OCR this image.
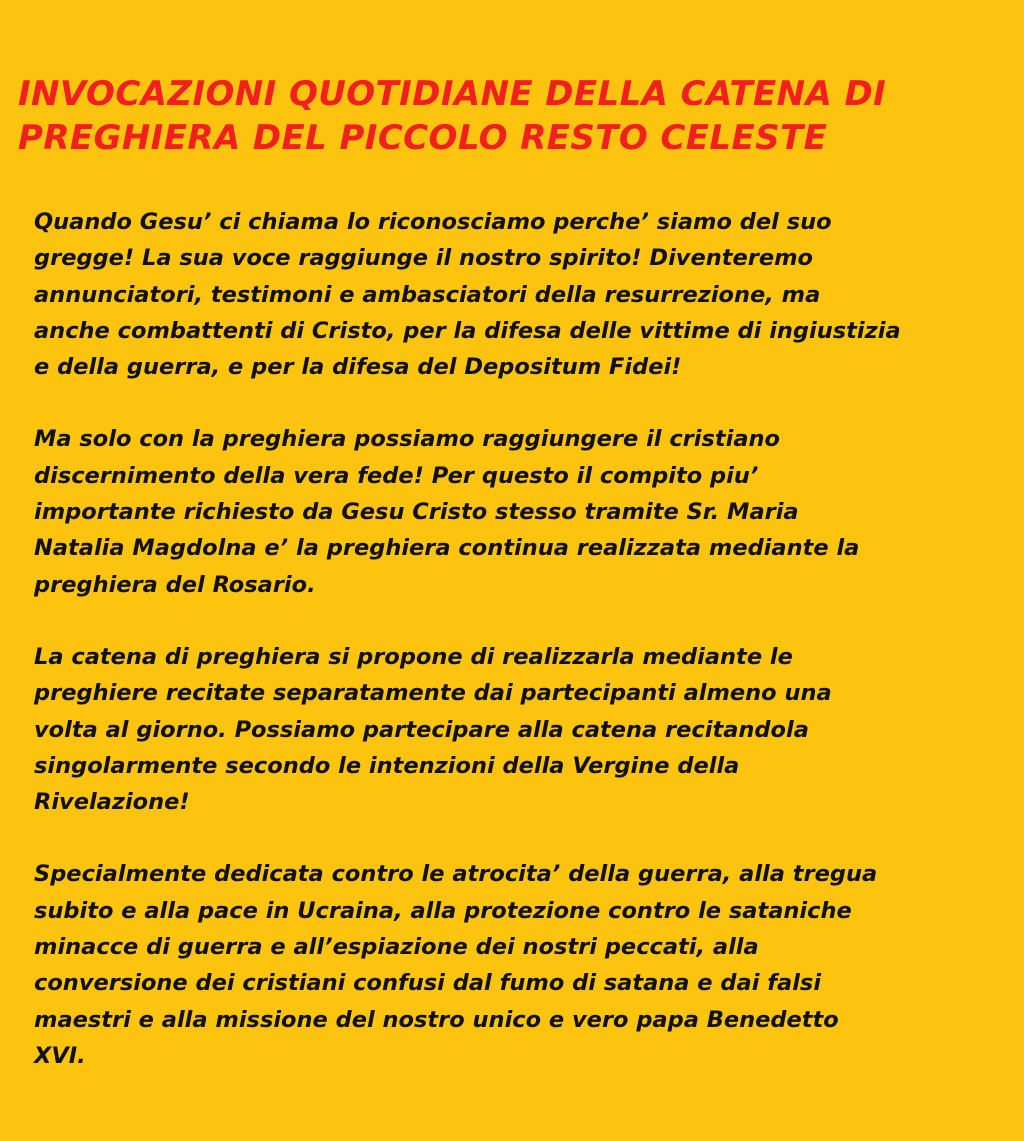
INVOCAZIONI QUOTIDIANE DELLA CATENA DI
PREGHIERA DEL PICCOLO RESTO CELESTE

Quando Gesu’ ci chiama lo riconosciamo perche’ siamo del suo
gregge! La sua voce raggiunge il nostro spirito! Diventeremo
annunciatori, testimoni e ambasciatori della resurrezione, ma
anche combattenti di Cristo, per la difesa delle vittime di ingiustizia
e della guerra, e per la difesa del Depositum Fidei!

Ma solo con la preghiera possiamo raggiungere il cristiano
discernimento della vera fede! Per questo il compito piu’
importante richiesto da Gesu Cristo stesso tramite Sr. Maria
Natalia Magdolna e’ la preghiera continua realizzata mediante la
preghiera del Rosario.

La catena di preghiera si propone di realizzarla mediante le
preghiere recitate separatamente dai partecipanti almeno una
volta al giorno. Possiamo partecipare alla catena recitandola
singolarmente secondo le intenzioni della Vergine della
Rivelazione!

Specialmente dedicata contro le atrocita’ della guerra, alla tregua
subito e alla pace in Ucraina, alla protezione contro le sataniche
minacce di guerra e all’espiazione dei nostri peccati, alla
conversione dei cristiani confusi dal fumo di satana e dai falsi
maestri e alla missione del nostro unico e vero papa Benedetto
XVI.
